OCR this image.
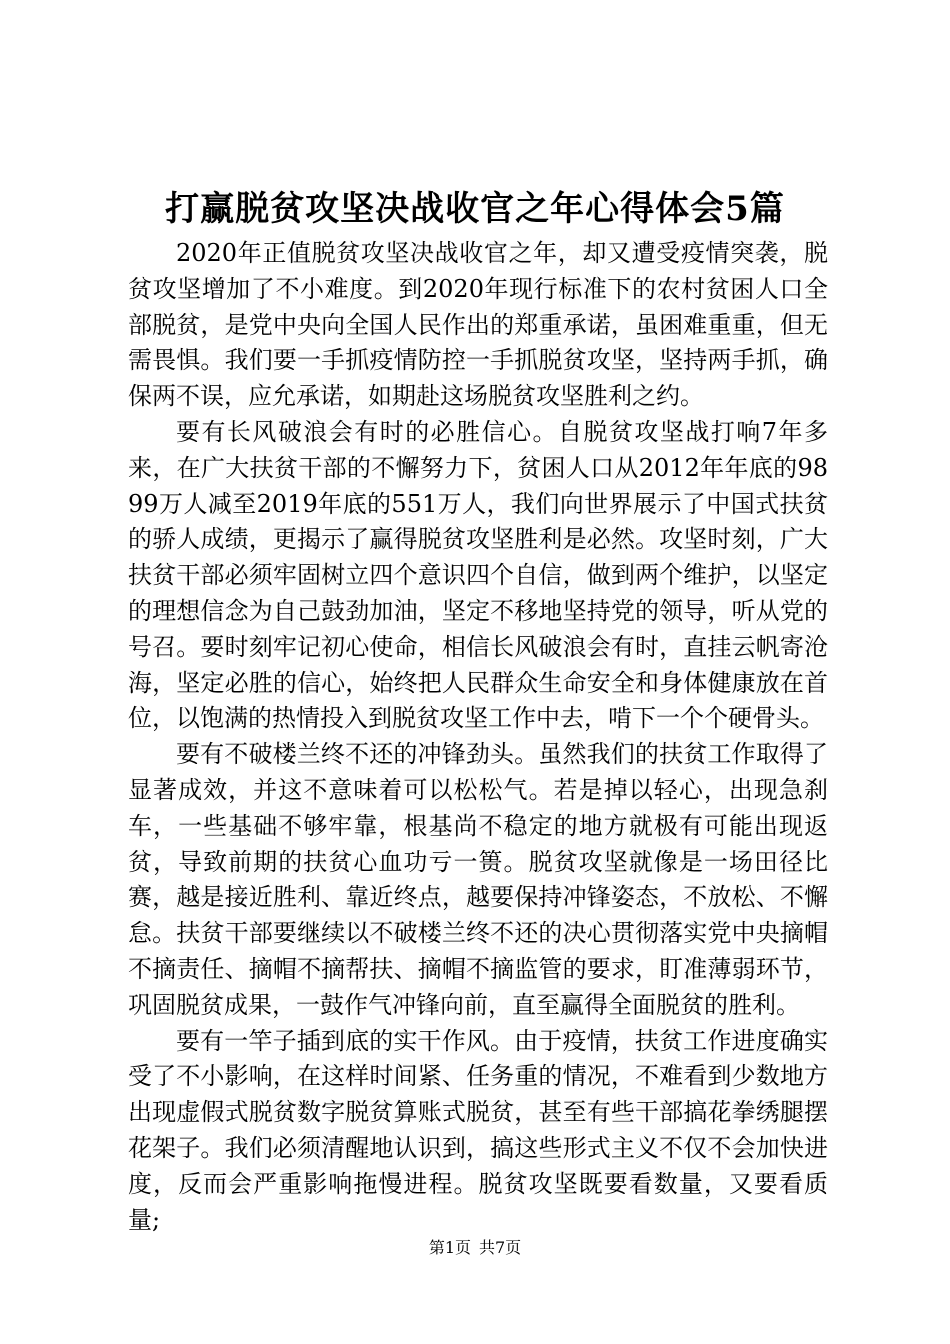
打赢脱贫攻坚决战收官之年心得体会5篇

2020年正值脱贫攻坚决战收官之年，却又遭受疫情突袭，脱贫攻坚增加了不小难度。到2020年现行标准下的农村贫困人口全部脱贫，是党中央向全国人民作出的郑重承诺，虽困难重重，但无需畏惧。我们要一手抓疫情防控一手抓脱贫攻坚，坚持两手抓，确保两不误，应允承诺，如期赴这场脱贫攻坚胜利之约。

要有长风破浪会有时的必胜信心。自脱贫攻坚战打响7年多来，在广大扶贫干部的不懈努力下，贫困人口从2012年年底的9899万人减至2019年底的551万人，我们向世界展示了中国式扶贫的骄人成绩，更揭示了赢得脱贫攻坚胜利是必然。攻坚时刻，广大扶贫干部必须牢固树立四个意识四个自信，做到两个维护，以坚定的理想信念为自己鼓劲加油，坚定不移地坚持党的领导，听从党的号召。要时刻牢记初心使命，相信长风破浪会有时，直挂云帆寄沧海，坚定必胜的信心，始终把人民群众生命安全和身体健康放在首位，以饱满的热情投入到脱贫攻坚工作中去，啃下一个个硬骨头。

要有不破楼兰终不还的冲锋劲头。虽然我们的扶贫工作取得了显著成效，并这不意味着可以松松气。若是掉以轻心，出现急刹车，一些基础不够牢靠，根基尚不稳定的地方就极有可能出现返贫，导致前期的扶贫心血功亏一篑。脱贫攻坚就像是一场田径比赛，越是接近胜利、靠近终点，越要保持冲锋姿态，不放松、不懈怠。扶贫干部要继续以不破楼兰终不还的决心贯彻落实党中央摘帽不摘责任、摘帽不摘帮扶、摘帽不摘监管的要求，盯准薄弱环节，巩固脱贫成果，一鼓作气冲锋向前，直至赢得全面脱贫的胜利。

要有一竿子插到底的实干作风。由于疫情，扶贫工作进度确实受了不小影响，在这样时间紧、任务重的情况，不难看到少数地方出现虚假式脱贫数字脱贫算账式脱贫，甚至有些干部搞花拳绣腿摆花架子。我们必须清醒地认识到，搞这些形式主义不仅不会加快进度，反而会严重影响拖慢进程。脱贫攻坚既要看数量，又要看质量;

第1页 共7页
